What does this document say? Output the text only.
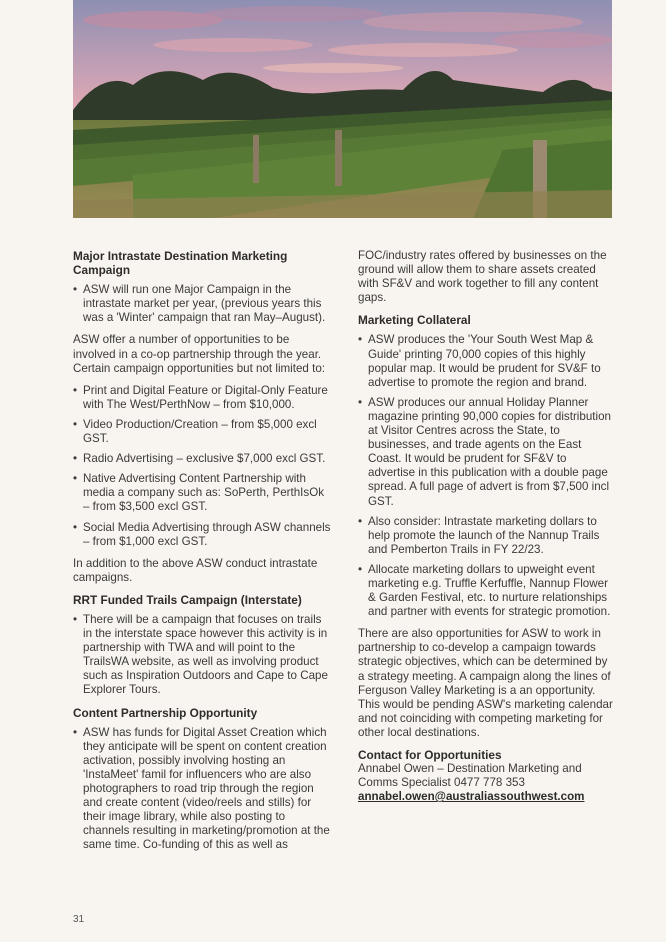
Major Intrastate Destination Marketing Campaign
• ASW will run one Major Campaign in the intrastate market per year, (previous years this was a 'Winter' campaign that ran May–August).

ASW offer a number of opportunities to be involved in a co-op partnership through the year. Certain campaign opportunities but not limited to:

• Print and Digital Feature or Digital-Only Feature with The West/PerthNow – from $10,000.
• Video Production/Creation – from $5,000 excl GST.
• Radio Advertising – exclusive $7,000 excl GST.
• Native Advertising Content Partnership with media a company such as: SoPerth, PerthIsOk – from $3,500 excl GST.
• Social Media Advertising through ASW channels – from $1,000 excl GST.

In addition to the above ASW conduct intrastate campaigns.

RRT Funded Trails Campaign (Interstate)
• There will be a campaign that focuses on trails in the interstate space however this activity is in partnership with TWA and will point to the TrailsWA website, as well as involving product such as Inspiration Outdoors and Cape to Cape Explorer Tours.
Content Partnership Opportunity
• ASW has funds for Digital Asset Creation which they anticipate will be spent on content creation activation, possibly involving hosting an 'InstaMeet' famil for influencers who are also photographers to road trip through the region and create content (video/reels and stills) for their image library, while also posting to channels resulting in marketing/promotion at the same time. Co-funding of this as well as

FOC/industry rates offered by businesses on the ground will allow them to share assets created with SF&V and work together to fill any content gaps.

Marketing Collateral
• ASW produces the 'Your South West Map & Guide' printing 70,000 copies of this highly popular map. It would be prudent for SV&F to advertise to promote the region and brand.
• ASW produces our annual Holiday Planner magazine printing 90,000 copies for distribution at Visitor Centres across the State, to businesses, and trade agents on the East Coast. It would be prudent for SF&V to advertise in this publication with a double page spread. A full page of advert is from $7,500 incl GST.
• Also consider: Intrastate marketing dollars to help promote the launch of the Nannup Trails and Pemberton Trails in FY 22/23.
• Allocate marketing dollars to upweight event marketing e.g. Truffle Kerfuffle, Nannup Flower & Garden Festival, etc. to nurture relationships and partner with events for strategic promotion.

There are also opportunities for ASW to work in partnership to co-develop a campaign towards strategic objectives, which can be determined by a strategy meeting. A campaign along the lines of Ferguson Valley Marketing is a an opportunity. This would be pending ASW's marketing calendar and not coinciding with competing marketing for other local destinations.

Contact for Opportunities
Annabel Owen – Destination Marketing and Comms Specialist 0477 778 353
annabel.owen@australiassouthwest.com
31
